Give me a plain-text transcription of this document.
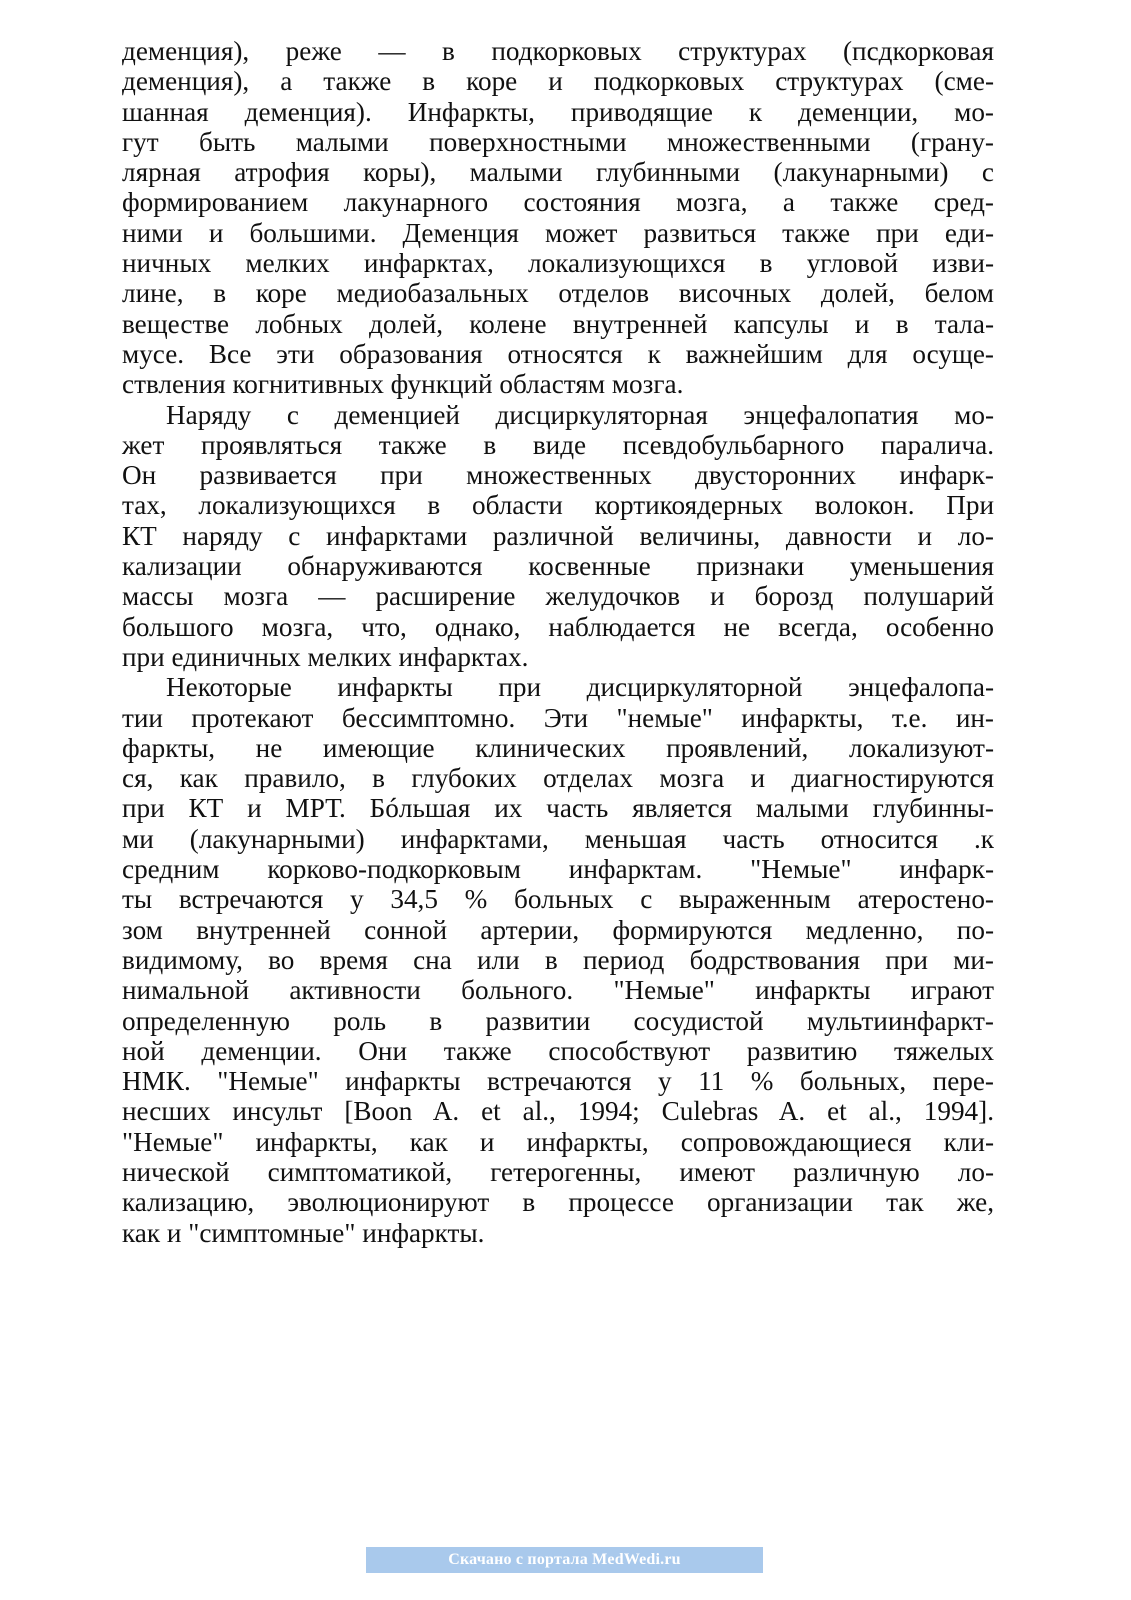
деменция), реже — в подкорковых структурах (псдкорковая
деменция), а также в коре и подкорковых структурах (сме-
шанная деменция). Инфаркты, приводящие к деменции, мо-
гут быть малыми поверхностными множественными (грану-
лярная атрофия коры), малыми глубинными (лакунарными) с
формированием лакунарного состояния мозга, а также сред-
ними и большими. Деменция может развиться также при еди-
ничных мелких инфарктах, локализующихся в угловой изви-
лине, в коре медиобазальных отделов височных долей, белом
веществе лобных долей, колене внутренней капсулы и в тала-
мусе. Все эти образования относятся к важнейшим для осуще-
ствления когнитивных функций областям мозга.
Наряду с деменцией дисциркуляторная энцефалопатия мо-
жет проявляться также в виде псевдобульбарного паралича.
Он развивается при множественных двусторонних инфарк-
тах, локализующихся в области кортикоядерных волокон. При
КТ наряду с инфарктами различной величины, давности и ло-
кализации обнаруживаются косвенные признаки уменьшения
массы мозга — расширение желудочков и борозд полушарий
большого мозга, что, однако, наблюдается не всегда, особенно
при единичных мелких инфарктах.
Некоторые инфаркты при дисциркуляторной энцефалопа-
тии протекают бессимптомно. Эти "немые" инфаркты, т.е. ин-
фаркты, не имеющие клинических проявлений, локализуют-
ся, как правило, в глубоких отделах мозга и диагностируются
при КТ и МРТ. Бóльшая их часть является малыми глубинны-
ми (лакунарными) инфарктами, меньшая часть относится .к
средним корково-подкорковым инфарктам. "Немые" инфарк-
ты встречаются у 34,5 % больных с выраженным атеростено-
зом внутренней сонной артерии, формируются медленно, по-
видимому, во время сна или в период бодрствования при ми-
нимальной активности больного. "Немые" инфаркты играют
определенную роль в развитии сосудистой мультиинфаркт-
ной деменции. Они также способствуют развитию тяжелых
НМК. "Немые" инфаркты встречаются у 11 % больных, пере-
несших инсульт [Boon A. et al., 1994; Culebras A. et al., 1994].
"Немые" инфаркты, как и инфаркты, сопровождающиеся кли-
нической симптоматикой, гетерогенны, имеют различную ло-
кализацию, эволюционируют в процессе организации так же,
как и "симптомные" инфаркты.
Скачано с портала MedWedi.ru
